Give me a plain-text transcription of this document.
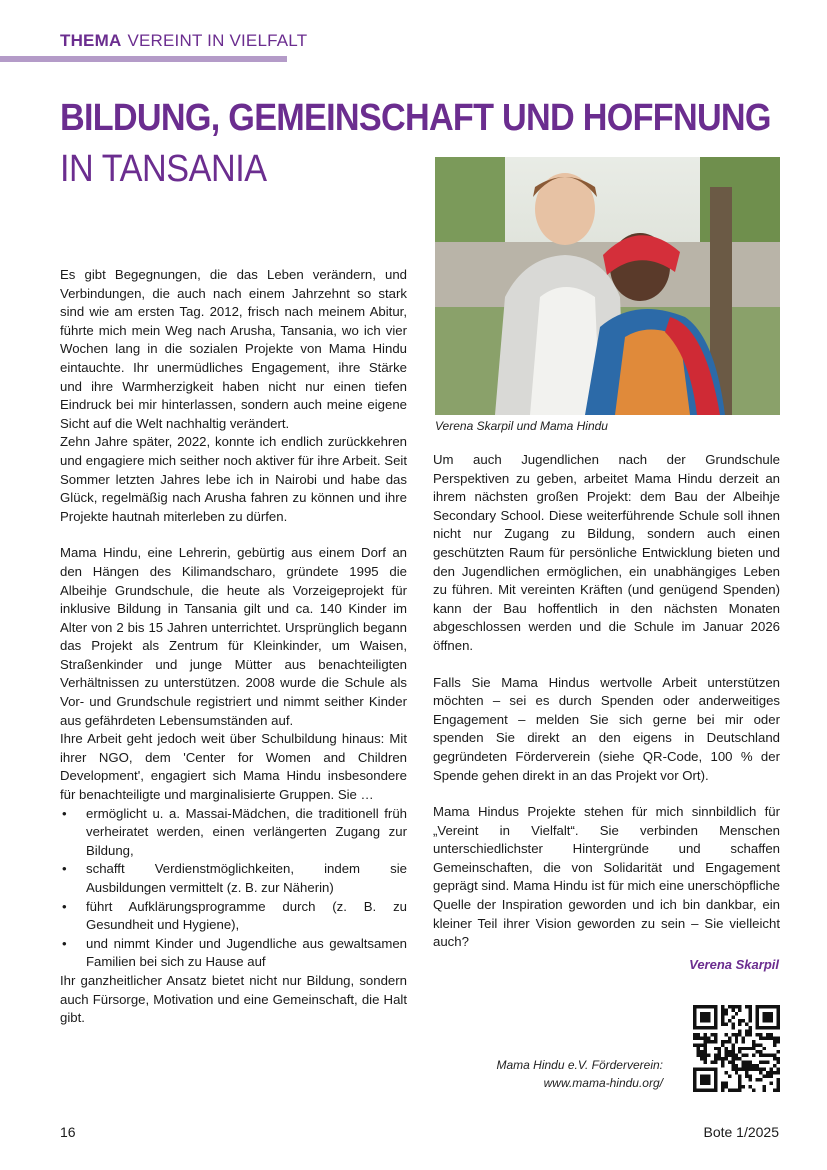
THEMA VEREINT IN VIELFALT
BILDUNG, GEMEINSCHAFT UND HOFFNUNG
IN TANSANIA
Verena Skarpil und Mama Hindu

Es gibt Begegnungen, die das Leben verändern, und Verbindungen, die auch nach einem Jahrzehnt so stark sind wie am ersten Tag. 2012, frisch nach meinem Abitur, führte mich mein Weg nach Arusha, Tansania, wo ich vier Wochen lang in die sozialen Projekte von Mama Hindu eintauchte. Ihr unermüdliches Engagement, ihre Stärke und ihre Warmherzigkeit haben nicht nur einen tiefen Eindruck bei mir hinterlassen, sondern auch meine eigene Sicht auf die Welt nachhaltig verändert.

Zehn Jahre später, 2022, konnte ich endlich zurückkehren und engagiere mich seither noch aktiver für ihre Arbeit. Seit Sommer letzten Jahres lebe ich in Nairobi und habe das Glück, regelmäßig nach Arusha fahren zu können und ihre Projekte hautnah miterleben zu dürfen.

Mama Hindu, eine Lehrerin, gebürtig aus einem Dorf an den Hängen des Kilimandscharo, gründete 1995 die Albeihje Grundschule, die heute als Vorzeigeprojekt für inklusive Bildung in Tansania gilt und ca. 140 Kinder im Alter von 2 bis 15 Jahren unterrichtet. Ursprünglich begann das Projekt als Zentrum für Kleinkinder, um Waisen, Straßenkinder und junge Mütter aus benachteiligten Verhältnissen zu unterstützen. 2008 wurde die Schule als Vor- und Grundschule registriert und nimmt seither Kinder aus gefährdeten Lebensumständen auf.

Ihre Arbeit geht jedoch weit über Schulbildung hinaus: Mit ihrer NGO, dem 'Center for Women and Children Development', engagiert sich Mama Hindu insbesondere für benachteiligte und marginalisierte Gruppen. Sie …

• ermöglicht u. a. Massai-Mädchen, die traditionell früh verheiratet werden, einen verlängerten Zugang zur Bildung,
• schafft Verdienstmöglichkeiten, indem sie Ausbildungen vermittelt (z. B. zur Näherin)
• führt Aufklärungsprogramme durch (z. B. zu Gesundheit und Hygiene),
• und nimmt Kinder und Jugendliche aus gewaltsamen Familien bei sich zu Hause auf

Ihr ganzheitlicher Ansatz bietet nicht nur Bildung, sondern auch Fürsorge, Motivation und eine Gemeinschaft, die Halt gibt.

Um auch Jugendlichen nach der Grundschule Perspektiven zu geben, arbeitet Mama Hindu derzeit an ihrem nächsten großen Projekt: dem Bau der Albeihje Secondary School. Diese weiterführende Schule soll ihnen nicht nur Zugang zu Bildung, sondern auch einen geschützten Raum für persönliche Entwicklung bieten und den Jugendlichen ermöglichen, ein unabhängiges Leben zu führen. Mit vereinten Kräften (und genügend Spenden) kann der Bau hoffentlich in den nächsten Monaten abgeschlossen werden und die Schule im Januar 2026 öffnen.

Falls Sie Mama Hindus wertvolle Arbeit unterstützen möchten – sei es durch Spenden oder anderweitiges Engagement – melden Sie sich gerne bei mir oder spenden Sie direkt an den eigens in Deutschland gegründeten Förderverein (siehe QR-Code, 100 % der Spende gehen direkt in an das Projekt vor Ort).

Mama Hindus Projekte stehen für mich sinnbildlich für „Vereint in Vielfalt“. Sie verbinden Menschen unterschiedlichster Hintergründe und schaffen Gemeinschaften, die von Solidarität und Engagement geprägt sind. Mama Hindu ist für mich eine unerschöpfliche Quelle der Inspiration geworden und ich bin dankbar, ein kleiner Teil ihrer Vision geworden zu sein – Sie vielleicht auch?

Verena Skarpil
Mama Hindu e.V. Förderverein:
www.mama-hindu.org/
16	Bote 1/2025
